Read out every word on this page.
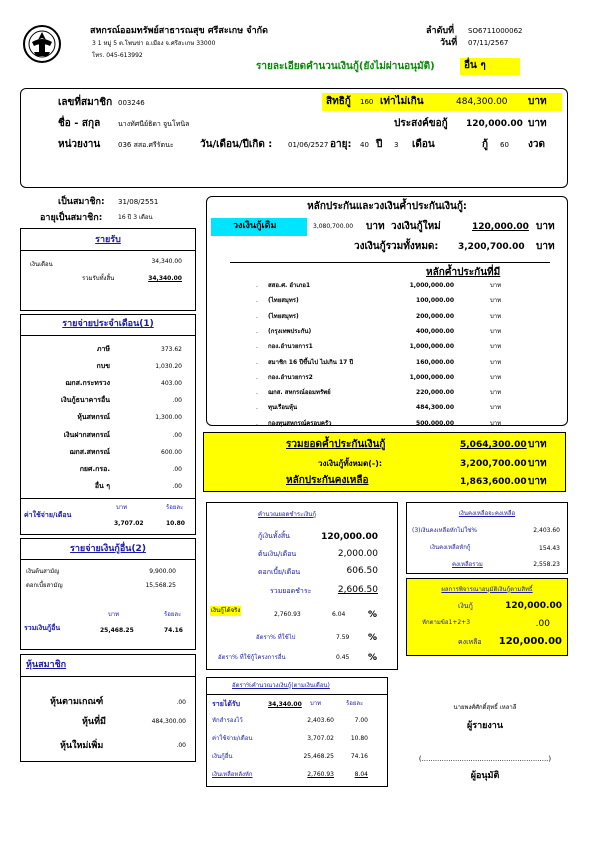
สหกรณ์ออมทรัพย์สาธารณสุข ศรีสะเกษ จำกัด
3 1 หมู่ 5 ต.โพนข่า อ.เมือง จ.ศรีสะเกษ 33000
โทร. 045-613992
ลำดับที่ SO6711000062
วันที่ 07/11/2567
รายละเอียดคำนวนเงินกู้(ยังไม่ผ่านอนุมัติ)	อื่น ๆ
เลขที่สมาชิก 003246	สิทธิกู้ 160 เท่าไม่เกิน	484,300.00 บาท
ชื่อ - สกุล	นางทัศนีย์ธิดา จูนโทนิล	ประสงค์ขอกู้ 120,000.00 บาท
หน่วยงาน	036 สสอ.ศรีรัตนะ	วัน/เดือน/ปีเกิด : 01/06/2527 อายุ: 40 ปี 3 เดือน	กู้ 60 งวด
เป็นสมาชิก: 31/08/2551
อายุเป็นสมาชิก:	16 ปี 3 เดือน
รายรับ
เงินเดือน	34,340.00
รวมรับทั้งสิ้น	34,340.00
รายจ่ายประจำเดือน(1)
ภาษี	373.62
กบข	1,030.20
ฌกส.กระทรวง	403.00
เงินกู้ธนาคารอื่น	.00
หุ้นสหกรณ์	1,300.00
เงินฝากสหกรณ์	.00
ฌกส.สหกรณ์	600.00
กยศ.กรอ.	.00
อื่น ๆ	.00
ค่าใช้จ่าย/เดือน
บาท	ร้อยละ
3,707.02	10.80
รายจ่ายเงินกู้อื่น(2)
เงินต้นสามัญ	9,900.00
ดอกเบี้ยสามัญ	15,568.25
บาท	ร้อยละ
รวมเงินกู้อื่น	25,468.25	74.16
หุ้นสมาชิก
หุ้นตามเกณฑ์	.00
หุ้นที่มี	484,300.00
หุ้นใหม่เพิ่ม	.00
หลักประกันและวงเงินค้ำประกันเงินกู้:
วงเงินกู้เดิม	3,080,700.00 บาท วงเงินกู้ใหม่	120,000.00 บาท
วงเงินกู้รวมทั้งหมด: 3,200,700.00 บาท
หลักค้ำประกันที่มี
. สสอ.ศ. อำเภอ1	1,000,000.00	บาท
. (ไทยสมุทร)	100,000.00	บาท
. (ไทยสมุทร)	200,000.00	บาท
. (กรุงเทพประกัน)	400,000.00	บาท
. กอง.อำนวยการ1	1,000,000.00	บาท
. สมาชิก 16 ปีขึ้นไป ไม่เกิน 17 ปี	160,000.00	บาท
. กอง.อำนวยการ2	1,000,000.00	บาท
. ฌกส. สหกรณ์ออมทรัพย์	220,000.00	บาท
. ทุนเรือนหุ้น	484,300.00	บาท
. กองทุนสหกรณ์ครอบครัว	500,000.00	บาท
รวมยอดค้ำประกันเงินกู้	5,064,300.00 บาท
วงเงินกู้ทั้งหมด(-):	3,200,700.00 บาท
หลักประกันคงเหลือ	1,863,600.00 บาท
คำนวณยอดชำระเงินกู้
กู้เงินทั้งสิ้น	120,000.00
ต้นเงิน/เดือน	2,000.00
ดอกเบี้ย/เดือน	606.50
รวมยอดชำระ	2,606.50
เงินกู้ได้จริง
2,760.93	6.04	%
อัตรา% ที่ใช้ไป	7.59 %
อัตรา% ที่ใช้กู้โครงการอื่น	0.45 %
เงินคงเหลือจะคงเหลือ
(3)เงินคงเหลือหักไม่ใช่%	2,403.60
เงินคงเหลือหักกู้	154.43
คงเหลือรวม	2,558.23
ผลการพิจารณาอนุมัติเงินกู้ตามสิทธิ์
เงินกู้	120,000.00
หักตามข้อ1+2+3	.00
คงเหลือ	120,000.00
อัตรา%คำนวณวงเงินกู้(ตามเงินเดือน)
รายได้รับ	34,340.00 บาท	ร้อยละ
หักสำรองไว้	2,403.60	7.00
ค่าใช้จ่าย/เดือน	3,707.02	10.80
เงินกู้อื่น	25,468.25	74.16
เงินเหลือหลังหัก	2,760.93	8.04
นายพงศ์ศักดิ์สุทธิ์ เหลาลี
ผู้รายงาน
(.........................................................)
ผู้อนุมัติ
